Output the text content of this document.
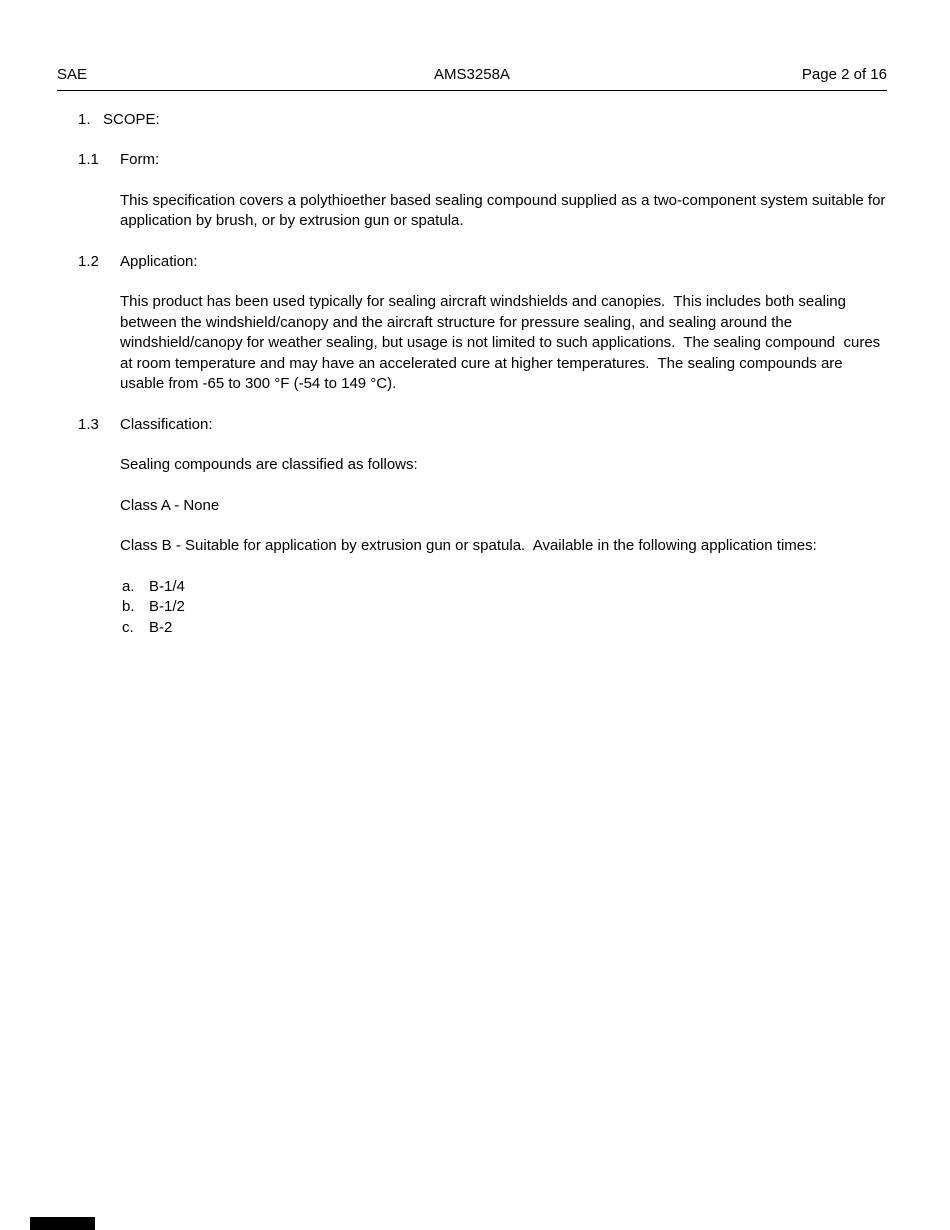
SAE	AMS3258A	Page 2 of 16
1. SCOPE:
1.1	Form:
This specification covers a polythioether based sealing compound supplied as a two-component system suitable for application by brush, or by extrusion gun or spatula.
1.2	Application:
This product has been used typically for sealing aircraft windshields and canopies.  This includes both sealing between the windshield/canopy and the aircraft structure for pressure sealing, and sealing around the windshield/canopy for weather sealing, but usage is not limited to such applications.  The sealing compound  cures at room temperature and may have an accelerated cure at higher temperatures.  The sealing compounds are usable from -65 to 300 °F (-54 to 149 °C).
1.3	Classification:
Sealing compounds are classified as follows:
Class A - None
Class B - Suitable for application by extrusion gun or spatula.  Available in the following application times:
a. B-1/4
b. B-1/2
c.	B-2
